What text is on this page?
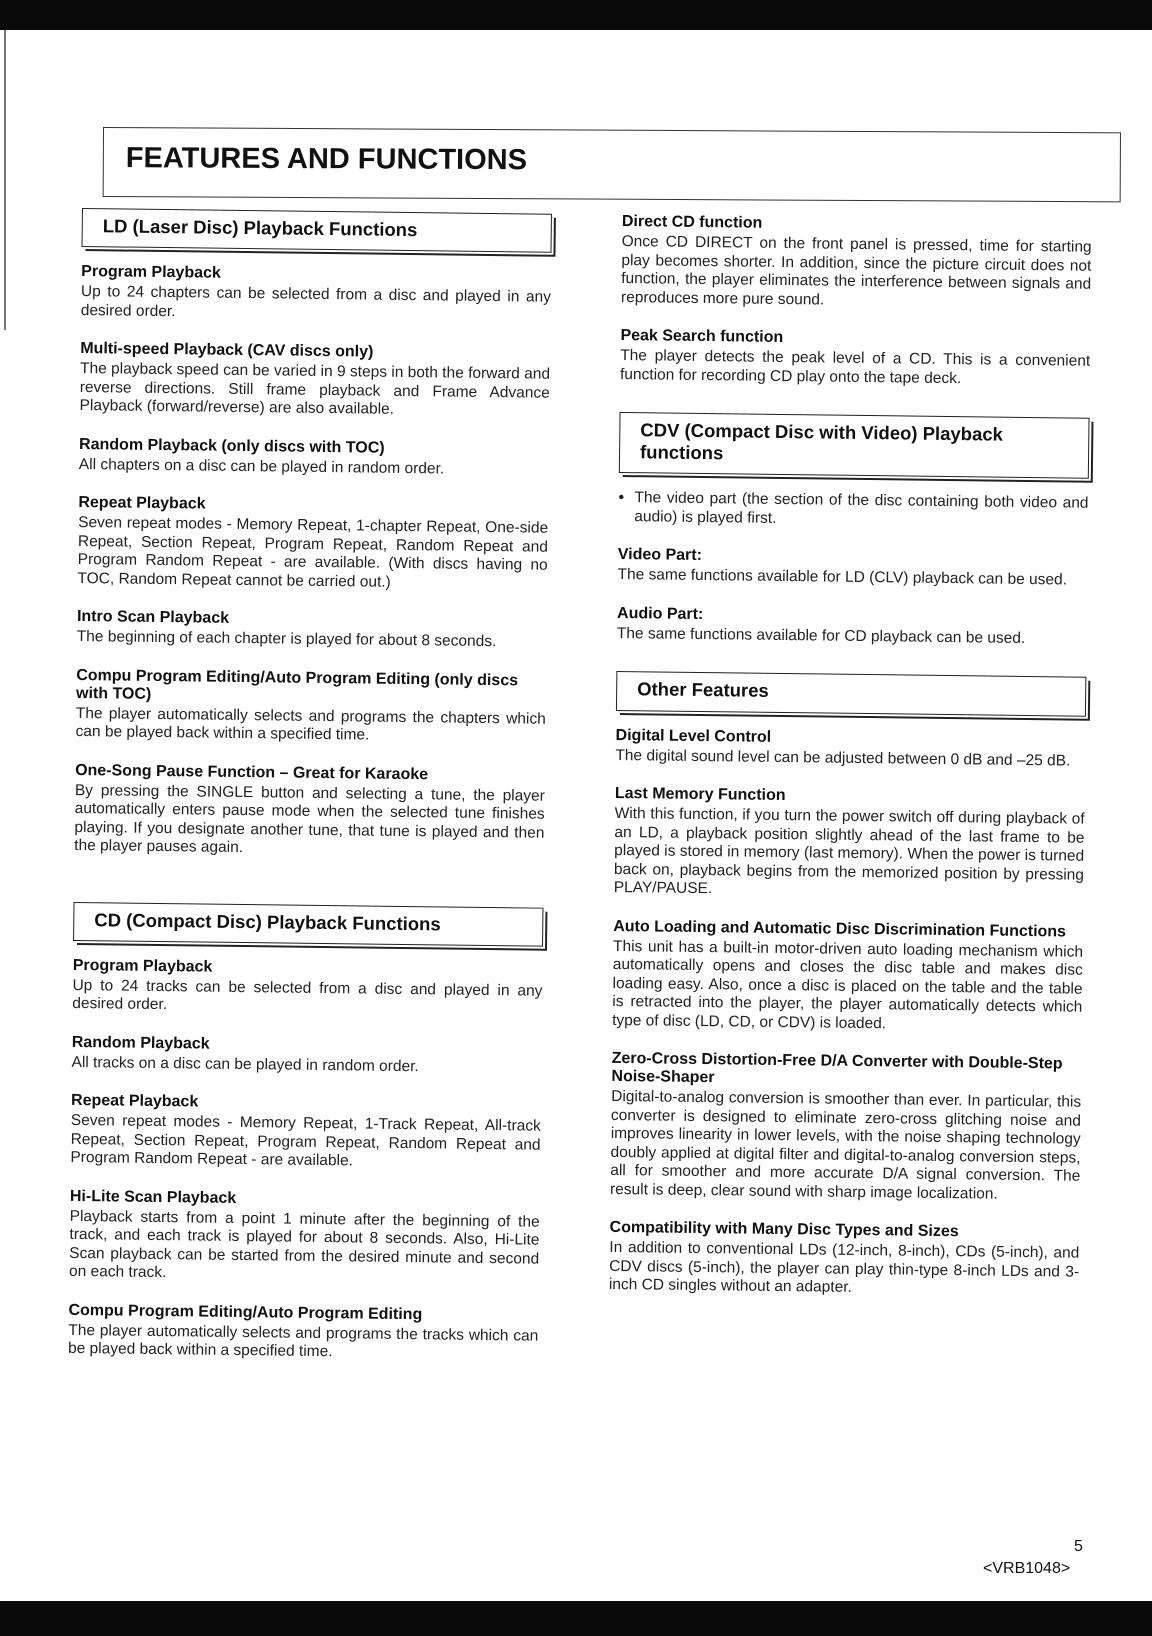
FEATURES AND FUNCTIONS
LD (Laser Disc) Playback Functions
Program Playback
Up to 24 chapters can be selected from a disc and played in any desired order.
Multi-speed Playback (CAV discs only)
The playback speed can be varied in 9 steps in both the forward and reverse directions. Still frame playback and Frame Advance Playback (forward/reverse) are also available.
Random Playback (only discs with TOC)
All chapters on a disc can be played in random order.
Repeat Playback
Seven repeat modes - Memory Repeat, 1-chapter Repeat, One-side Repeat, Section Repeat, Program Repeat, Random Repeat and Program Random Repeat - are available. (With discs having no TOC, Random Repeat cannot be carried out.)
Intro Scan Playback
The beginning of each chapter is played for about 8 seconds.
Compu Program Editing/Auto Program Editing (only discs with TOC)
The player automatically selects and programs the chapters which can be played back within a specified time.
One-Song Pause Function – Great for Karaoke
By pressing the SINGLE button and selecting a tune, the player automatically enters pause mode when the selected tune finishes playing. If you designate another tune, that tune is played and then the player pauses again.
CD (Compact Disc) Playback Functions
Program Playback
Up to 24 tracks can be selected from a disc and played in any desired order.
Random Playback
All tracks on a disc can be played in random order.
Repeat Playback
Seven repeat modes - Memory Repeat, 1-Track Repeat, All-track Repeat, Section Repeat, Program Repeat, Random Repeat and Program Random Repeat - are available.
Hi-Lite Scan Playback
Playback starts from a point 1 minute after the beginning of the track, and each track is played for about 8 seconds. Also, Hi-Lite Scan playback can be started from the desired minute and second on each track.
Compu Program Editing/Auto Program Editing
The player automatically selects and programs the tracks which can be played back within a specified time.
Direct CD function
Once CD DIRECT on the front panel is pressed, time for starting play becomes shorter. In addition, since the picture circuit does not function, the player eliminates the interference between signals and reproduces more pure sound.
Peak Search function
The player detects the peak level of a CD. This is a convenient function for recording CD play onto the tape deck.
CDV (Compact Disc with Video) Playback functions
• The video part (the section of the disc containing both video and audio) is played first.
Video Part:
The same functions available for LD (CLV) playback can be used.
Audio Part:
The same functions available for CD playback can be used.
Other Features
Digital Level Control
The digital sound level can be adjusted between 0 dB and –25 dB.
Last Memory Function
With this function, if you turn the power switch off during playback of an LD, a playback position slightly ahead of the last frame to be played is stored in memory (last memory). When the power is turned back on, playback begins from the memorized position by pressing PLAY/PAUSE.
Auto Loading and Automatic Disc Discrimination Functions
This unit has a built-in motor-driven auto loading mechanism which automatically opens and closes the disc table and makes disc loading easy. Also, once a disc is placed on the table and the table is retracted into the player, the player automatically detects which type of disc (LD, CD, or CDV) is loaded.
Zero-Cross Distortion-Free D/A Converter with Double-Step Noise-Shaper
Digital-to-analog conversion is smoother than ever. In particular, this converter is designed to eliminate zero-cross glitching noise and improves linearity in lower levels, with the noise shaping technology doubly applied at digital filter and digital-to-analog conversion steps, all for smoother and more accurate D/A signal conversion. The result is deep, clear sound with sharp image localization.
Compatibility with Many Disc Types and Sizes
In addition to conventional LDs (12-inch, 8-inch), CDs (5-inch), and CDV discs (5-inch), the player can play thin-type 8-inch LDs and 3-inch CD singles without an adapter.
5
<VRB1048>
